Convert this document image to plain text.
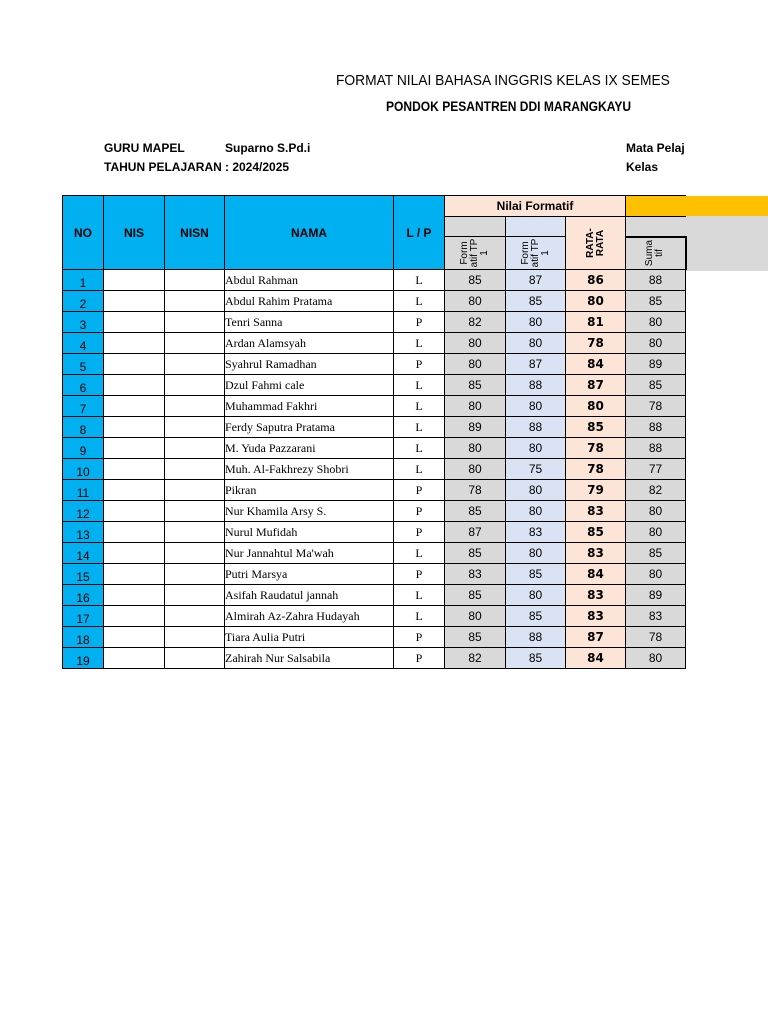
FORMAT NILAI BAHASA INGGRIS KELAS IX SEMES
PONDOK PESANTREN DDI MARANGKAYU
GURU MAPEL	Suparno S.Pd.i
TAHUN PELAJARAN : 2024/2025
Mata Pelaj
Kelas
NO	NIS	NISN	NAMA	L / P	Nilai Formatif			

							RATA-RATA	

					Form atif TP 1	Form atif TP 1		Suma tif

1			Abdul Rahman	L	85	87	86	88
2			Abdul Rahim Pratama	L	80	85	80	85
3			Tenri Sanna	P	82	80	81	80
4			Ardan Alamsyah	L	80	80	78	80
5			Syahrul Ramadhan	P	80	87	84	89
6			Dzul Fahmi cale	L	85	88	87	85
7			Muhammad Fakhri	L	80	80	80	78
8			Ferdy Saputra Pratama	L	89	88	85	88
9			M. Yuda Pazzarani	L	80	80	78	88
10			Muh. Al-Fakhrezy Shobri	L	80	75	78	77
11			Pikran	P	78	80	79	82
12			Nur Khamila Arsy S.	P	85	80	83	80
13			Nurul Mufidah	P	87	83	85	80
14			Nur Jannahtul Ma'wah	L	85	80	83	85
15			Putri Marsya	P	83	85	84	80
16			Asifah Raudatul jannah	L	85	80	83	89
17			Almirah Az-Zahra Hudayah	L	80	85	83	83
18			Tiara Aulia Putri	P	85	88	87	78
19			Zahirah Nur Salsabila	P	82	85	84	80
